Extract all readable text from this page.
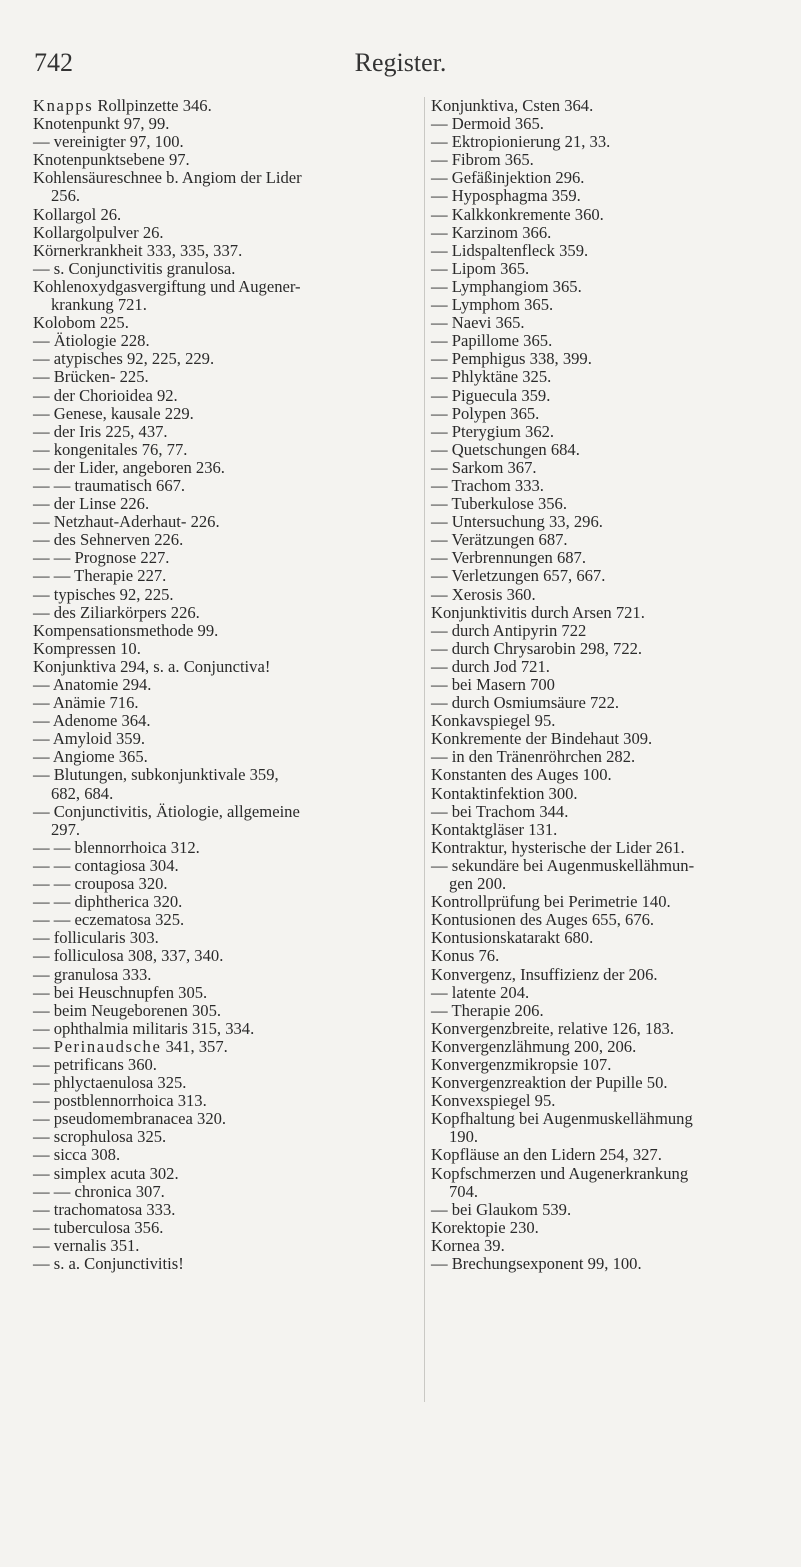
742	Register.
Knapps Rollpinzette 346.
Knotenpunkt 97, 99.
— vereinigter 97, 100.
Knotenpunktsebene 97.
Kohlensäureschnee b. Angiom der Lider
256.
Kollargol 26.
Kollargolpulver 26.
Körnerkrankheit 333, 335, 337.
— s. Conjunctivitis granulosa.
Kohlenoxydgasvergiftung und Augener-
krankung 721.
Kolobom 225.
— Ätiologie 228.
— atypisches 92, 225, 229.
— Brücken- 225.
— der Chorioidea 92.
— Genese, kausale 229.
— der Iris 225, 437.
— kongenitales 76, 77.
— der Lider, angeboren 236.
— — traumatisch 667.
— der Linse 226.
— Netzhaut-Aderhaut- 226.
— des Sehnerven 226.
— — Prognose 227.
— — Therapie 227.
— typisches 92, 225.
— des Ziliarkörpers 226.
Kompensationsmethode 99.
Kompressen 10.
Konjunktiva 294, s. a. Conjunctiva!
— Anatomie 294.
— Anämie 716.
— Adenome 364.
— Amyloid 359.
— Angiome 365.
— Blutungen, subkonjunktivale 359,
682, 684.
— Conjunctivitis, Ätiologie, allgemeine
297.
— — blennorrhoica 312.
— — contagiosa 304.
— — crouposa 320.
— — diphtherica 320.
— — eczematosa 325.
— follicularis 303.
— folliculosa 308, 337, 340.
— granulosa 333.
— bei Heuschnupfen 305.
— beim Neugeborenen 305.
— ophthalmia militaris 315, 334.
— Perinaudsche 341, 357.
— petrificans 360.
— phlyctaenulosa 325.
— postblennorrhoica 313.
— pseudomembranacea 320.
— scrophulosa 325.
— sicca 308.
— simplex acuta 302.
— — chronica 307.
— trachomatosa 333.
— tuberculosa 356.
— vernalis 351.
— s. a. Conjunctivitis!
Konjunktiva, Csten 364.
— Dermoid 365.
— Ektropionierung 21, 33.
— Fibrom 365.
— Gefäßinjektion 296.
— Hyposphagma 359.
— Kalkkonkremente 360.
— Karzinom 366.
— Lidspaltenfleck 359.
— Lipom 365.
— Lymphangiom 365.
— Lymphom 365.
— Naevi 365.
— Papillome 365.
— Pemphigus 338, 399.
— Phlyktäne 325.
— Piguecula 359.
— Polypen 365.
— Pterygium 362.
— Quetschungen 684.
— Sarkom 367.
— Trachom 333.
— Tuberkulose 356.
— Untersuchung 33, 296.
— Verätzungen 687.
— Verbrennungen 687.
— Verletzungen 657, 667.
— Xerosis 360.
Konjunktivitis durch Arsen 721.
— durch Antipyrin 722
— durch Chrysarobin 298, 722.
— durch Jod 721.
— bei Masern 700
— durch Osmiumsäure 722.
Konkavspiegel 95.
Konkremente der Bindehaut 309.
— in den Tränenröhrchen 282.
Konstanten des Auges 100.
Kontaktinfektion 300.
— bei Trachom 344.
Kontaktgläser 131.
Kontraktur, hysterische der Lider 261.
— sekundäre bei Augenmuskellähmun-
gen 200.
Kontrollprüfung bei Perimetrie 140.
Kontusionen des Auges 655, 676.
Kontusionskatarakt 680.
Konus 76.
Konvergenz, Insuffizienz der 206.
— latente 204.
— Therapie 206.
Konvergenzbreite, relative 126, 183.
Konvergenzlähmung 200, 206.
Konvergenzmikropsie 107.
Konvergenzreaktion der Pupille 50.
Konvexspiegel 95.
Kopfhaltung bei Augenmuskellähmung
190.
Kopfläuse an den Lidern 254, 327.
Kopfschmerzen und Augenerkrankung
704.
— bei Glaukom 539.
Korektopie 230.
Kornea 39.
— Brechungsexponent 99, 100.
